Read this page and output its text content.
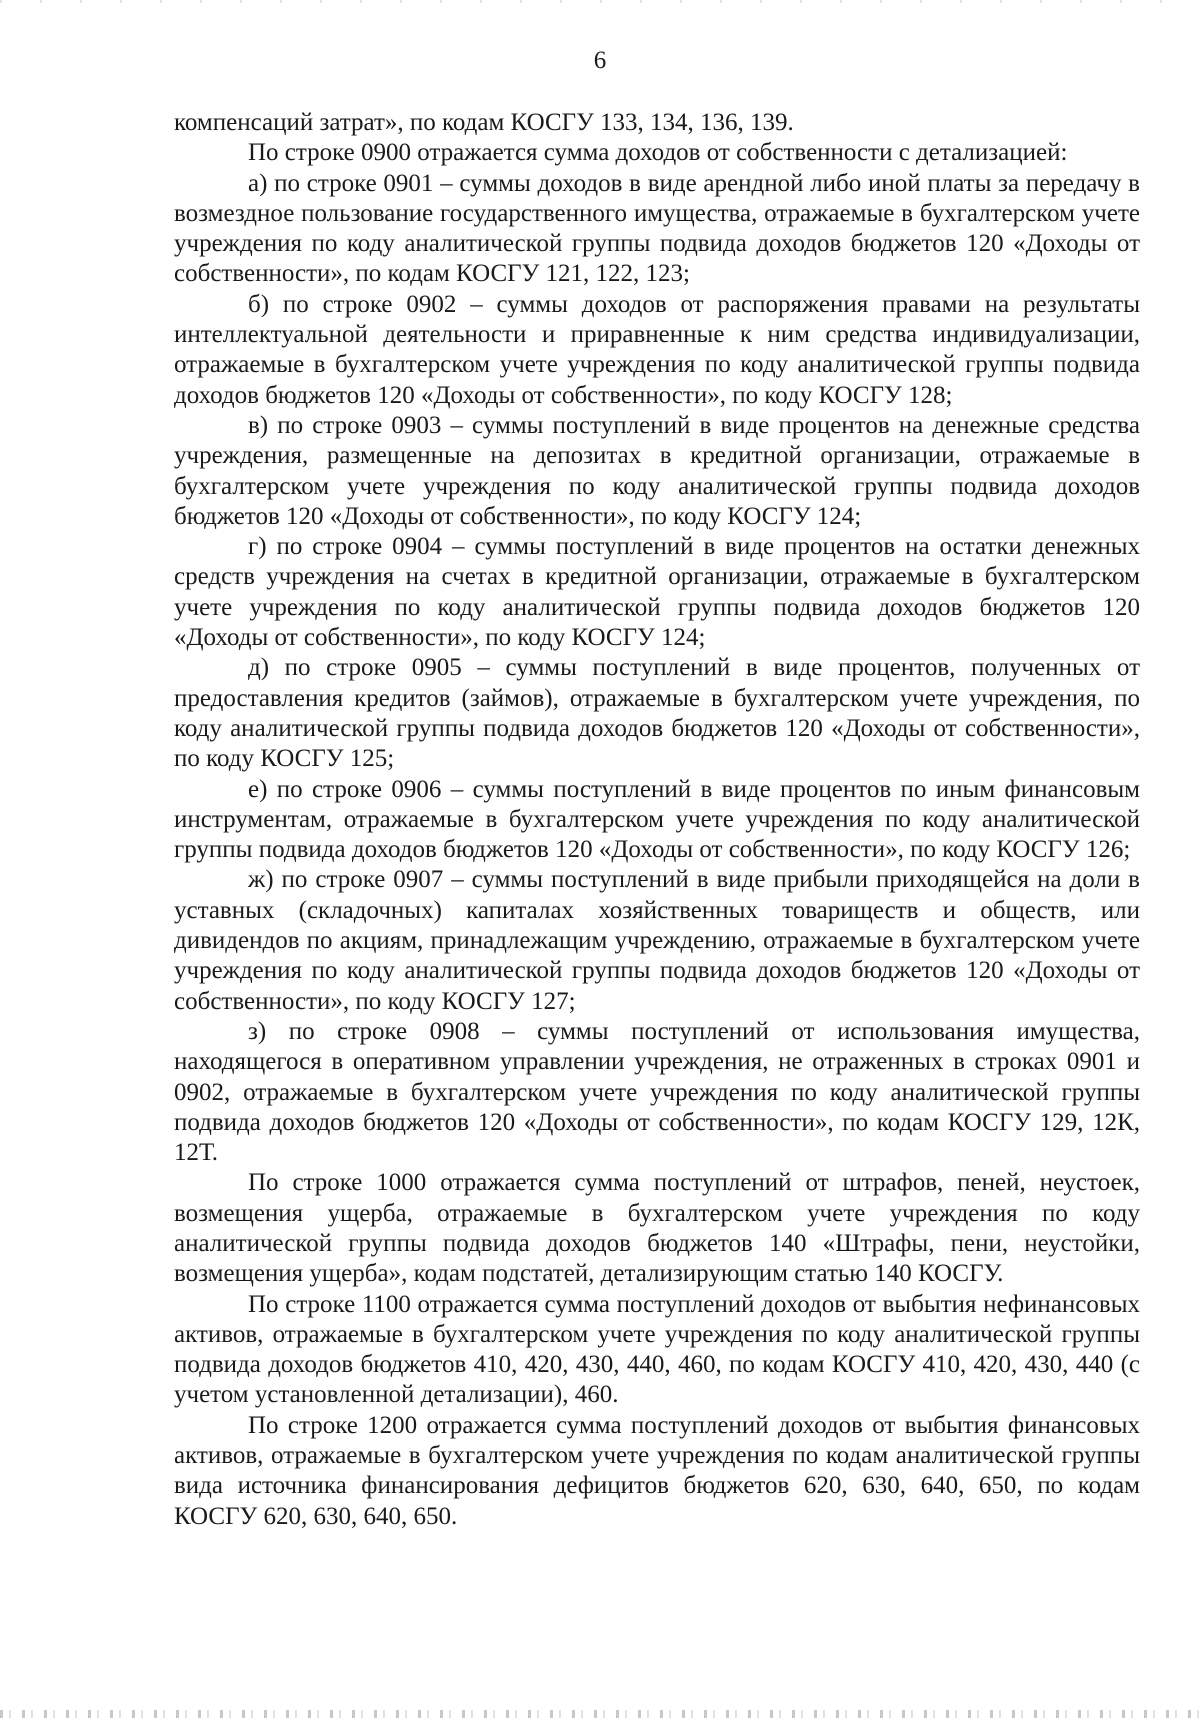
6

компенсаций затрат», по кодам КОСГУ 133, 134, 136, 139.

По строке 0900 отражается сумма доходов от собственности с детализацией:

а) по строке 0901 – суммы доходов в виде арендной либо иной платы за передачу в возмездное пользование государственного имущества, отражаемые в бухгалтерском учете учреждения по коду аналитической группы подвида доходов бюджетов 120 «Доходы от собственности», по кодам КОСГУ 121, 122, 123;

б) по строке 0902 – суммы доходов от распоряжения правами на результаты интеллектуальной деятельности и приравненные к ним средства индивидуализации, отражаемые в бухгалтерском учете учреждения по коду аналитической группы подвида доходов бюджетов 120 «Доходы от собственности», по коду КОСГУ 128;

в) по строке 0903 – суммы поступлений в виде процентов на денежные средства учреждения, размещенные на депозитах в кредитной организации, отражаемые в бухгалтерском учете учреждения по коду аналитической группы подвида доходов бюджетов 120 «Доходы от собственности», по коду КОСГУ 124;

г) по строке 0904 – суммы поступлений в виде процентов на остатки денежных средств учреждения на счетах в кредитной организации, отражаемые в бухгалтерском учете учреждения по коду аналитической группы подвида доходов бюджетов 120 «Доходы от собственности», по коду КОСГУ 124;

д) по строке 0905 – суммы поступлений в виде процентов, полученных от предоставления кредитов (займов), отражаемые в бухгалтерском учете учреждения, по коду аналитической группы подвида доходов бюджетов 120 «Доходы от собственности», по коду КОСГУ 125;

е) по строке 0906 – суммы поступлений в виде процентов по иным финансовым инструментам, отражаемые в бухгалтерском учете учреждения по коду аналитической группы подвида доходов бюджетов 120 «Доходы от собственности», по коду КОСГУ 126;

ж) по строке 0907 – суммы поступлений в виде прибыли приходящейся на доли в уставных (складочных) капиталах хозяйственных товариществ и обществ, или дивидендов по акциям, принадлежащим учреждению, отражаемые в бухгалтерском учете учреждения по коду аналитической группы подвида доходов бюджетов 120 «Доходы от собственности», по коду КОСГУ 127;

з) по строке 0908 – суммы поступлений от использования имущества, находящегося в оперативном управлении учреждения, не отраженных в строках 0901 и 0902, отражаемые в бухгалтерском учете учреждения по коду аналитической группы подвида доходов бюджетов 120 «Доходы от собственности», по кодам КОСГУ 129, 12К, 12Т.

По строке 1000 отражается сумма поступлений от штрафов, пеней, неустоек, возмещения ущерба, отражаемые в бухгалтерском учете учреждения по коду аналитической группы подвида доходов бюджетов 140 «Штрафы, пени, неустойки, возмещения ущерба», кодам подстатей, детализирующим статью 140 КОСГУ.

По строке 1100 отражается сумма поступлений доходов от выбытия нефинансовых активов, отражаемые в бухгалтерском учете учреждения по коду аналитической группы подвида доходов бюджетов 410, 420, 430, 440, 460, по кодам КОСГУ 410, 420, 430, 440 (с учетом установленной детализации), 460.

По строке 1200 отражается сумма поступлений доходов от выбытия финансовых активов, отражаемые в бухгалтерском учете учреждения по кодам аналитической группы вида источника финансирования дефицитов бюджетов 620, 630, 640, 650, по кодам КОСГУ 620, 630, 640, 650.
